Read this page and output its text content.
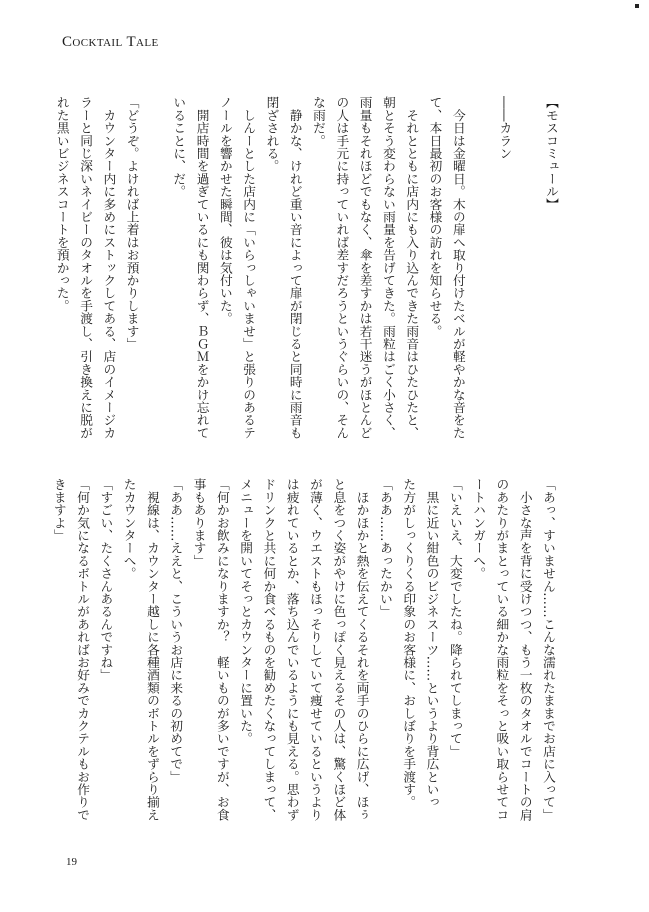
Cocktail Tale
【モスコミュール】

――カラン

　今日は金曜日。木の扉へ取り付けたベルが軽やかな音をた
て、本日最初のお客様の訪れを知らせる。
　それとともに店内にも入り込んできた雨音はひたひたと、
朝とそう変わらない雨量を告げてきた。雨粒はごく小さく、
雨量もそれほどでもなく、傘を差すかは若干迷うがほとんど
の人は手元に持っていれば差すだろうというぐらいの、そん
な雨だ。
　静かな、けれど重い音によって扉が閉じると同時に雨音も
閉ざされる。
　しんーとした店内に「いらっしゃいませ」と張りのあるテ
ノールを響かせた瞬間、彼は気付いた。
　開店時間を過ぎているにも関わらず、ＢＧＭをかけ忘れて
いることに、だ。

「どうぞ。よければ上着はお預かりします」
　カウンター内に多めにストックしてある、店のイメージカ
ラーと同じ深いネイビーのタオルを手渡し、引き換えに脱が
れた黒いビジネスコートを預かった。
「あっ、すいません……こんな濡れたままでお店に入って」
　小さな声を背に受けつつ、もう一枚のタオルでコートの肩
のあたりがまとっている細かな雨粒をそっと吸い取らせてコ
ートハンガーへ。
「いえいえ、大変でしたね。降られてしまって」
　黒に近い紺色のビジネスーツ……というより背広といっ
た方がしっくりくる印象のお客様に、おしぼりを手渡す。
「ああ……あったかい」
　ほかほかと熱を伝えてくるそれを両手のひらに広げ、ほぅ
と息をつく姿がやけに色っぽく見えるその人は、驚くほど体
が薄く、ウエストもほっそりしていて痩せているというより
は疲れているとか、落ち込んでいるようにも見える。思わず
ドリンクと共に何か食べるものを勧めたくなってしまって、
メニューを開いてそっとカウンターに置いた。
「何かお飲みになりますか？　軽いものが多いですが、お食
事もあります」
「ああ……ええと、こういうお店に来るの初めてで」
　視線は、カウンター越しに各種酒類のボトルをずらり揃え
たカウンターへ。
「すごい、たくさんあるんですね」
「何か気になるボトルがあればお好みでカクテルもお作りで
きますよ」
19
